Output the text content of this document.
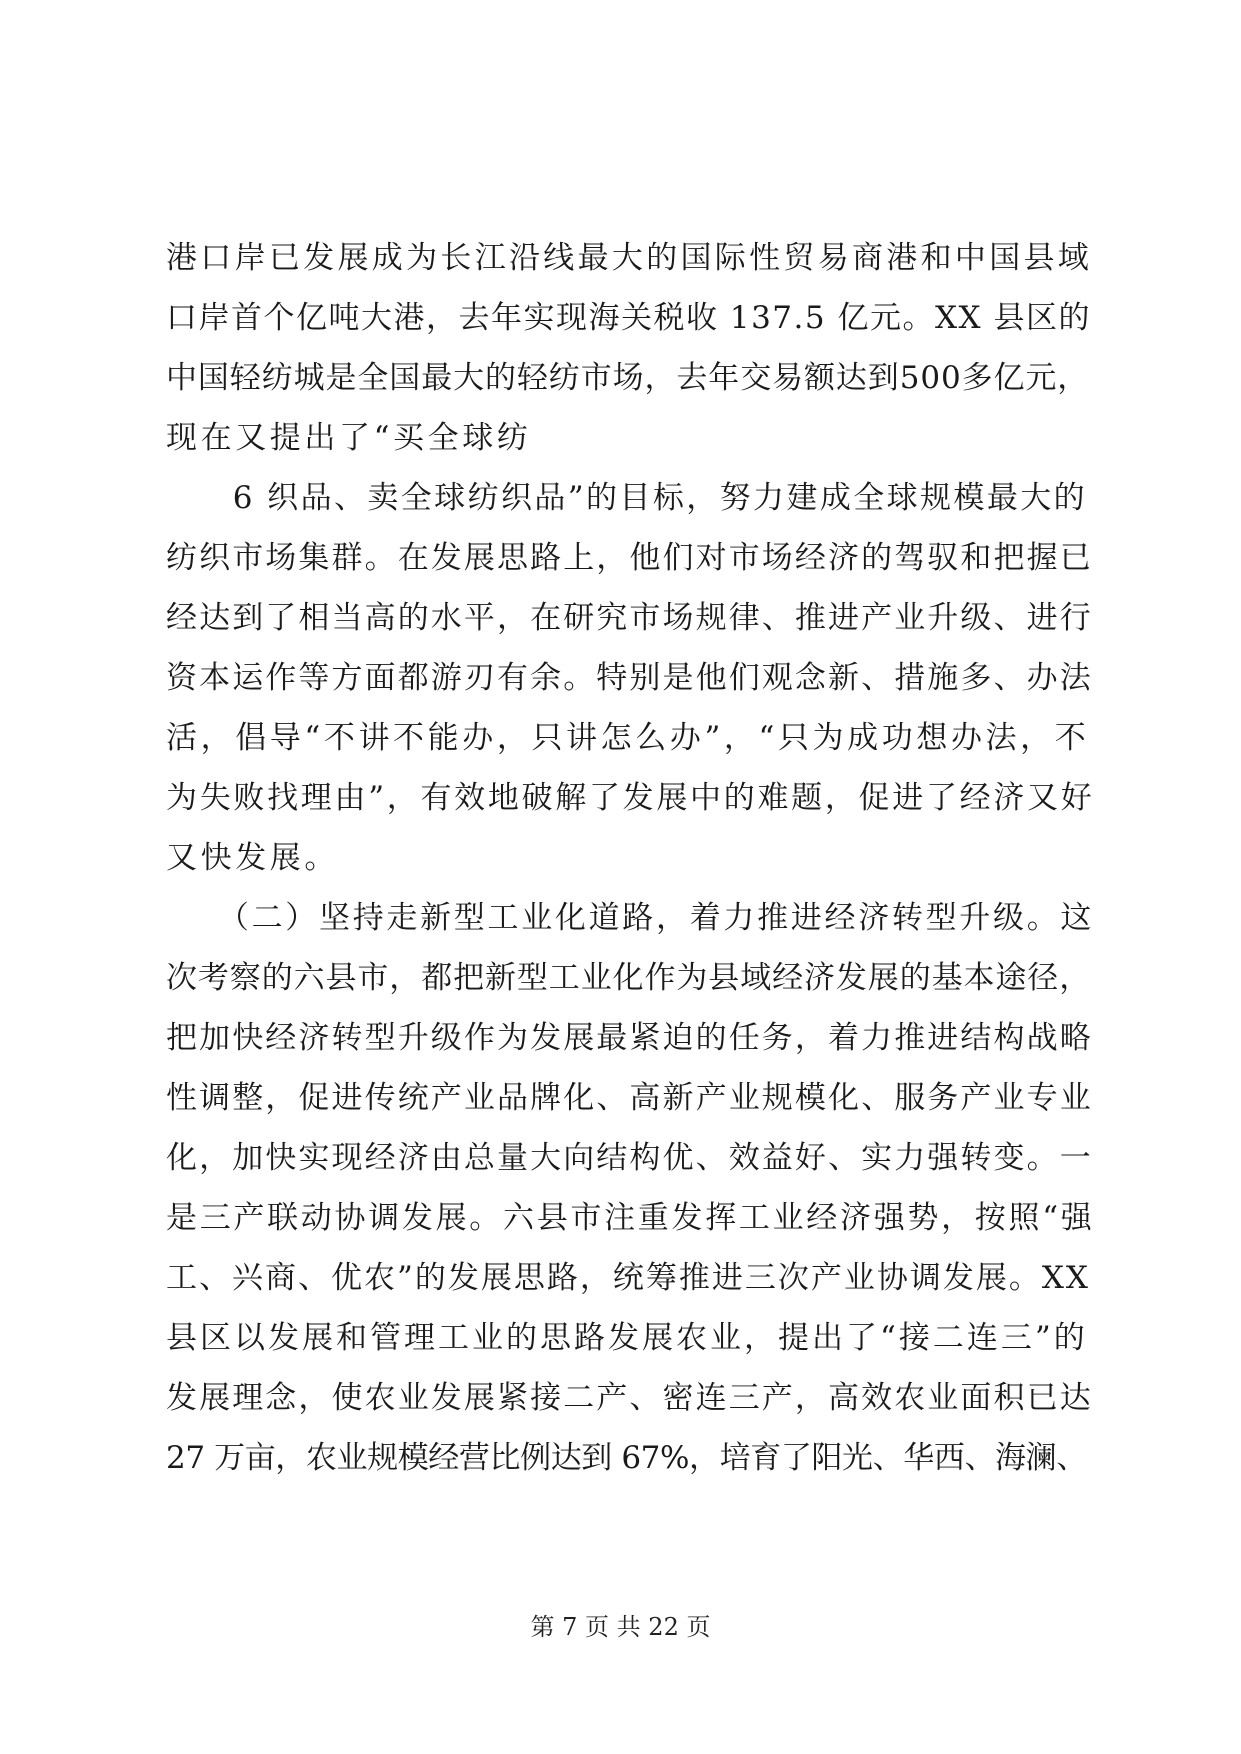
港口岸已发展成为长江沿线最大的国际性贸易商港和中国县域
口岸首个亿吨大港，去年实现海关税收 137.5 亿元。XX 县区的
中国轻纺城是全国最大的轻纺市场，去年交易额达到500多亿元，
现在又提出了“买全球纺
　　6 织品、卖全球纺织品”的目标，努力建成全球规模最大的
纺织市场集群。在发展思路上，他们对市场经济的驾驭和把握已
经达到了相当高的水平，在研究市场规律、推进产业升级、进行
资本运作等方面都游刃有余。特别是他们观念新、措施多、办法
活，倡导“不讲不能办，只讲怎么办”，“只为成功想办法，不
为失败找理由”，有效地破解了发展中的难题，促进了经济又好
又快发展。
　　（二）坚持走新型工业化道路，着力推进经济转型升级。这
次考察的六县市，都把新型工业化作为县域经济发展的基本途径，
把加快经济转型升级作为发展最紧迫的任务，着力推进结构战略
性调整，促进传统产业品牌化、高新产业规模化、服务产业专业
化，加快实现经济由总量大向结构优、效益好、实力强转变。一
是三产联动协调发展。六县市注重发挥工业经济强势，按照“强
工、兴商、优农”的发展思路，统筹推进三次产业协调发展。XX
县区以发展和管理工业的思路发展农业，提出了“接二连三”的
发展理念，使农业发展紧接二产、密连三产，高效农业面积已达
27 万亩，农业规模经营比例达到 67%，培育了阳光、华西、海澜、
第 7 页 共 22 页
